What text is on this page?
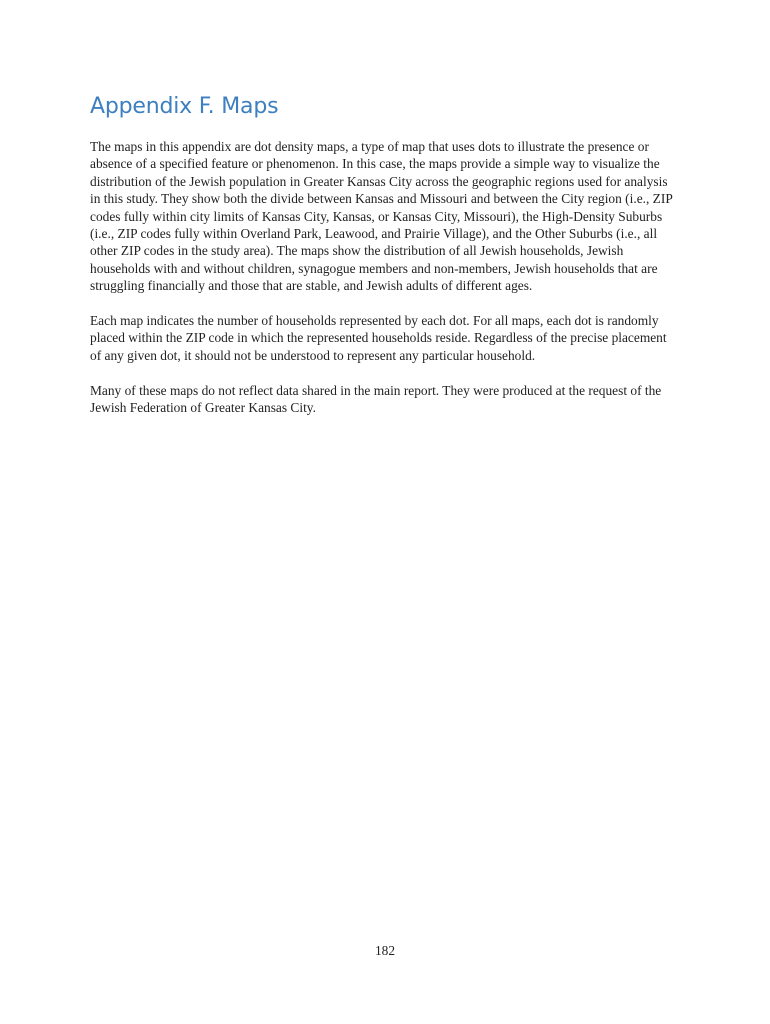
Appendix F. Maps

The maps in this appendix are dot density maps, a type of map that uses dots to illustrate the presence or absence of a specified feature or phenomenon. In this case, the maps provide a simple way to visualize the distribution of the Jewish population in Greater Kansas City across the geographic regions used for analysis in this study. They show both the divide between Kansas and Missouri and between the City region (i.e., ZIP codes fully within city limits of Kansas City, Kansas, or Kansas City, Missouri), the High-Density Suburbs (i.e., ZIP codes fully within Overland Park, Leawood, and Prairie Village), and the Other Suburbs (i.e., all other ZIP codes in the study area). The maps show the distribution of all Jewish households, Jewish households with and without children, synagogue members and non-members, Jewish households that are struggling financially and those that are stable, and Jewish adults of different ages.

Each map indicates the number of households represented by each dot. For all maps, each dot is randomly placed within the ZIP code in which the represented households reside. Regardless of the precise placement of any given dot, it should not be understood to represent any particular household.

Many of these maps do not reflect data shared in the main report. They were produced at the request of the Jewish Federation of Greater Kansas City.

182
